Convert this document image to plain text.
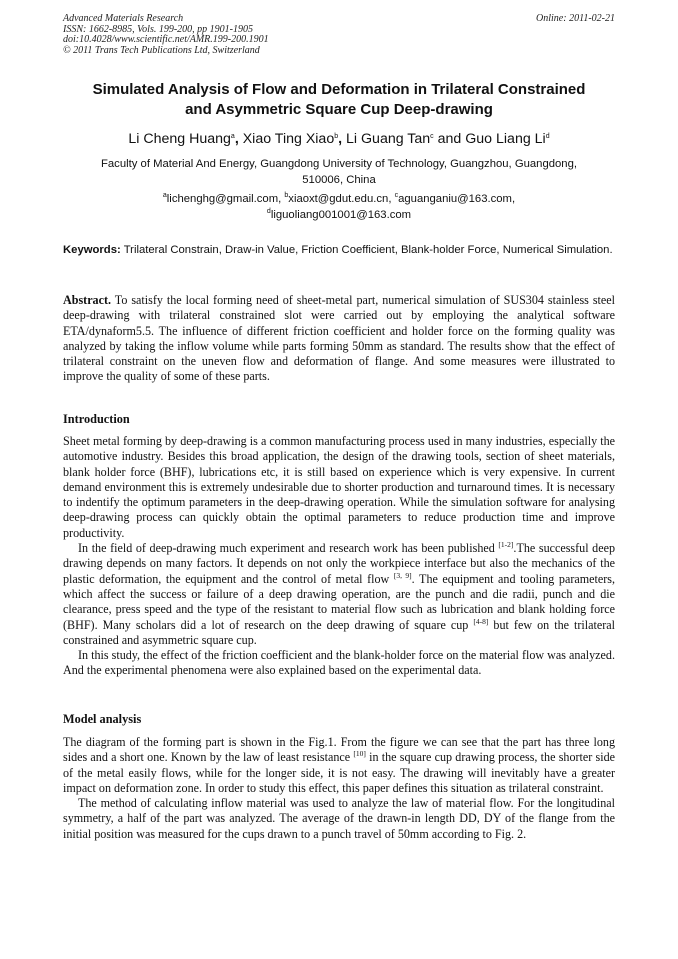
Advanced Materials Research
ISSN: 1662-8985, Vols. 199-200, pp 1901-1905
doi:10.4028/www.scientific.net/AMR.199-200.1901
© 2011 Trans Tech Publications Ltd, Switzerland
Online: 2011-02-21
Simulated Analysis of Flow and Deformation in Trilateral Constrained
and Asymmetric Square Cup Deep-drawing
Li Cheng Huang$^a$, Xiao Ting Xiao$^b$, Li Guang Tan$^c$ and Guo Liang Li$^d$
Faculty of Material And Energy, Guangdong University of Technology, Guangzhou, Guangdong,
510006, China
$^a$lichenghg@gmail.com, $^b$xiaoxt@gdut.edu.cn, $^c$aguanganiu@163.com,
$^d$liguoliang001001@163.com
Keywords: Trilateral Constrain, Draw-in Value, Friction Coefficient, Blank-holder Force, Numerical Simulation.
Abstract. To satisfy the local forming need of sheet-metal part, numerical simulation of SUS304 stainless steel deep-drawing with trilateral constrained slot were carried out by employing the analytical software ETA/dynaform5.5. The influence of different friction coefficient and holder force on the forming quality was analyzed by taking the inflow volume while parts forming 50mm as standard. The results show that the effect of trilateral constraint on the uneven flow and deformation of flange. And some measures were illustrated to improve the quality of some of these parts.
Introduction

Sheet metal forming by deep-drawing is a common manufacturing process used in many industries, especially the automotive industry. Besides this broad application, the design of the drawing tools, section of sheet materials, blank holder force (BHF), lubrications etc, it is still based on experience which is very expensive. In current demand environment this is extremely undesirable due to shorter production and turnaround times. It is necessary to indentify the optimum parameters in the deep-drawing operation. While the simulation software for analysing deep-drawing process can quickly obtain the optimal parameters to reduce production time and improve productivity.

In the field of deep-drawing much experiment and research work has been published [1-2].The successful deep drawing depends on many factors. It depends on not only the workpiece interface but also the mechanics of the plastic deformation, the equipment and the control of metal flow [3, 9]. The equipment and tooling parameters, which affect the success or failure of a deep drawing operation, are the punch and die radii, punch and die clearance, press speed and the type of the resistant to material flow such as lubrication and blank holding force (BHF). Many scholars did a lot of research on the deep drawing of square cup [4-8] but few on the trilateral constrained and asymmetric square cup.

In this study, the effect of the friction coefficient and the blank-holder force on the material flow was analyzed. And the experimental phenomena were also explained based on the experimental data.

Model analysis

The diagram of the forming part is shown in the Fig.1. From the figure we can see that the part has three long sides and a short one. Known by the law of least resistance [10] in the square cup drawing process, the shorter side of the metal easily flows, while for the longer side, it is not easy. The drawing will inevitably have a greater impact on deformation zone. In order to study this effect, this paper defines this situation as trilateral constraint.

The method of calculating inflow material was used to analyze the law of material flow. For the longitudinal symmetry, a half of the part was analyzed. The average of the drawn-in length DD, DY of the flange from the initial position was measured for the cups drawn to a punch travel of 50mm according to Fig. 2.
